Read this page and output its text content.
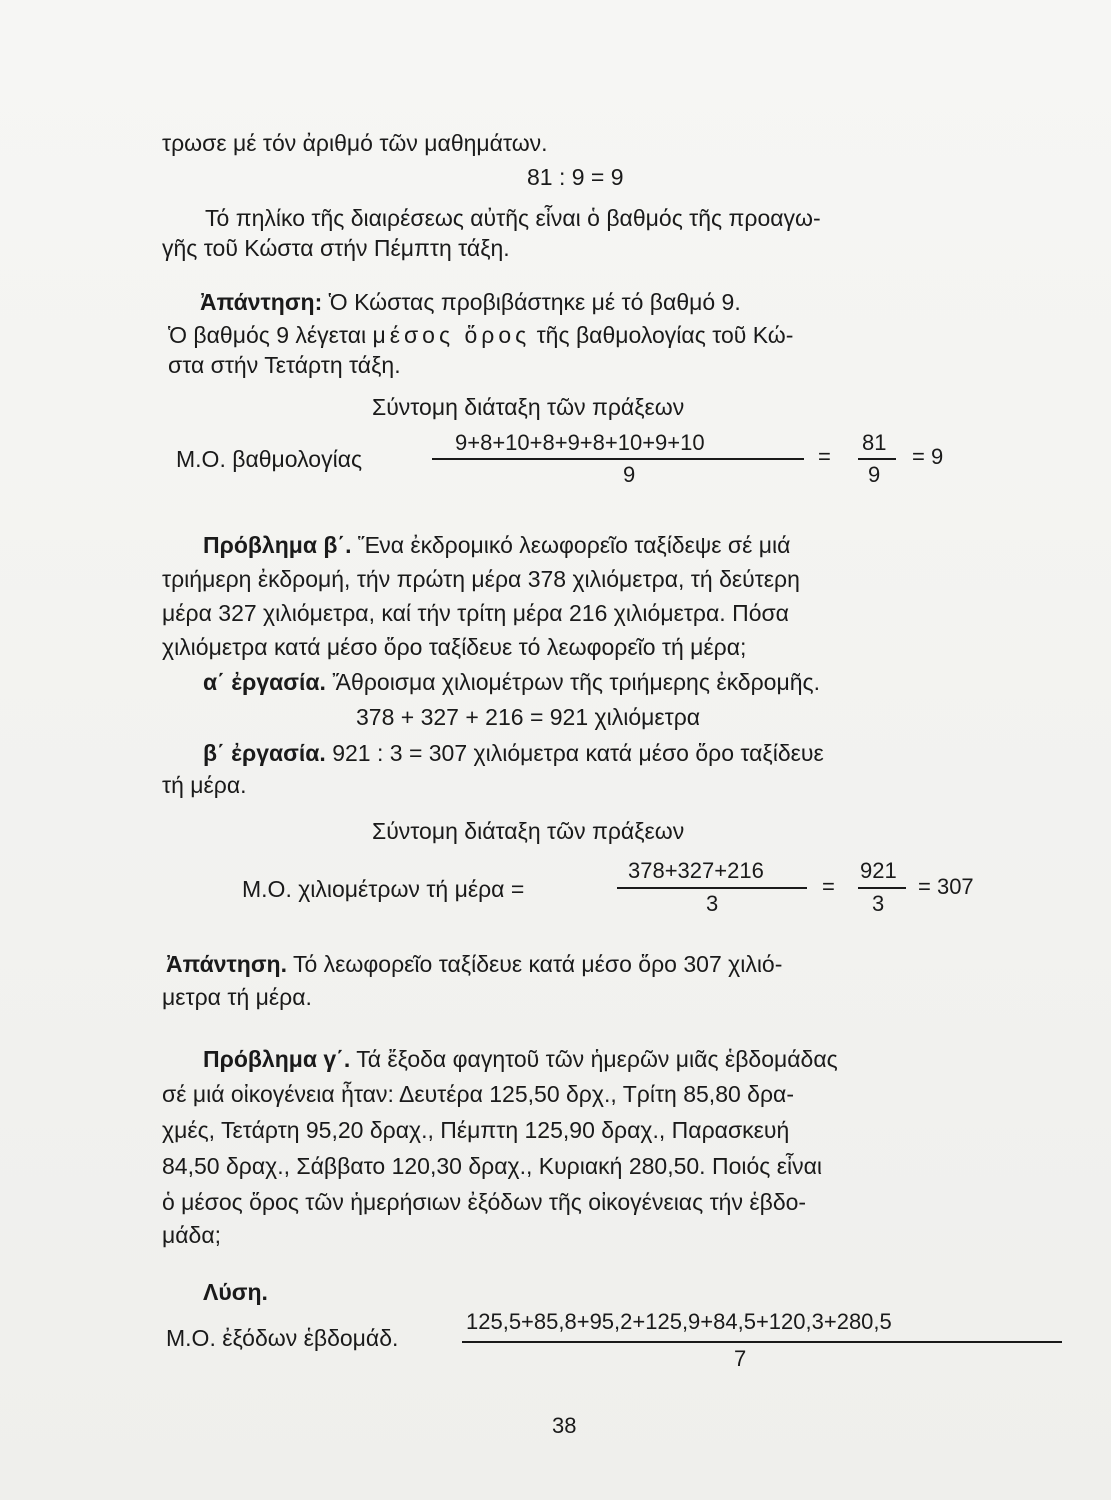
τρωσε μέ τόν ἀριθμό τῶν μαθημάτων.
81 : 9 = 9
Τό πηλίκο τῆς διαιρέσεως αὐτῆς εἶναι ὁ βαθμός τῆς προαγω-
γῆς τοῦ Κώστα στήν Πέμπτη τάξη.
Ἀπάντηση: Ὁ Κώστας προβιβάστηκε μέ τό βαθμό 9.
Ὁ βαθμός 9 λέγεται μέσος ὅρος τῆς βαθμολογίας τοῦ Κώ-
στα στήν Τετάρτη τάξη.
Σύντομη διάταξη τῶν πράξεων
Μ.Ο. βαθμολογίας
9+8+10+8+9+8+10+9+10
9
=
81
9
= 9
Πρόβλημα β΄. Ἕνα ἐκδρομικό λεωφορεῖο ταξίδεψε σέ μιά
τριήμερη ἐκδρομή, τήν πρώτη μέρα 378 χιλιόμετρα, τή δεύτερη
μέρα 327 χιλιόμετρα, καί τήν τρίτη μέρα 216 χιλιόμετρα. Πόσα
χιλιόμετρα κατά μέσο ὅρο ταξίδευε τό λεωφορεῖο τή μέρα;
α΄ ἐργασία. Ἄθροισμα χιλιομέτρων τῆς τριήμερης ἐκδρομῆς.
378 + 327 + 216 = 921 χιλιόμετρα
β΄ ἐργασία. 921 : 3 = 307 χιλιόμετρα κατά μέσο ὅρο ταξίδευε
τή μέρα.
Σύντομη διάταξη τῶν πράξεων
Μ.Ο. χιλιομέτρων τή μέρα =
378+327+216
3
=
921
3
= 307
Ἀπάντηση. Τό λεωφορεῖο ταξίδευε κατά μέσο ὅρο 307 χιλιό-
μετρα τή μέρα.
Πρόβλημα γ΄. Τά ἔξοδα φαγητοῦ τῶν ἡμερῶν μιᾶς ἑβδομάδας
σέ μιά οἰκογένεια ἦταν: Δευτέρα 125,50 δρχ., Τρίτη 85,80 δρα-
χμές, Τετάρτη 95,20 δραχ., Πέμπτη 125,90 δραχ., Παρασκευή
84,50 δραχ., Σάββατο 120,30 δραχ., Κυριακή 280,50. Ποιός εἶναι
ὁ μέσος ὅρος τῶν ἡμερήσιων ἐξόδων τῆς οἰκογένειας τήν ἑβδο-
μάδα;
Λύση.
Μ.Ο. ἐξόδων ἑβδομάδ.
125,5+85,8+95,2+125,9+84,5+120,3+280,5
7
38
